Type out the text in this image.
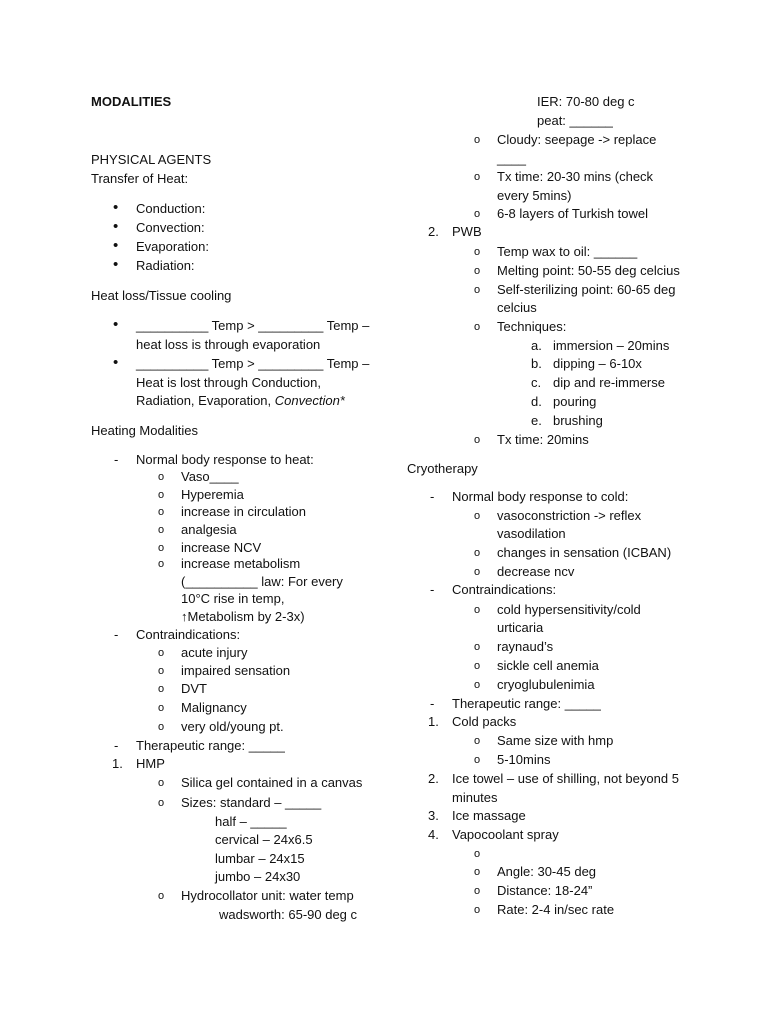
MODALITIES
PHYSICAL AGENTS
Transfer of Heat:
• Conduction:
• Convection:
• Evaporation:
• Radiation:
Heat loss/Tissue cooling
• __________ Temp > _________ Temp –
heat loss is through evaporation
• __________ Temp > _________ Temp –
Heat is lost through Conduction,
Radiation, Evaporation, Convection*
Heating Modalities
- Normal body response to heat:
o Vaso____
o Hyperemia
o increase in circulation
o analgesia
o increase NCV
o increase metabolism
(__________ law: For every
10°C rise in temp,
↑Metabolism by 2-3x)
- Contraindications:
o acute injury
o impaired sensation
o DVT
o Malignancy
o very old/young pt.
- Therapeutic range: _____
1. HMP
o Silica gel contained in a canvas
o Sizes: standard – _____
half – _____
cervical – 24x6.5
lumbar – 24x15
jumbo – 24x30
o Hydrocollator unit: water temp
wadsworth: 65-90 deg c
IER: 70-80 deg c
peat: ______
o Cloudy: seepage -> replace
____
o Tx time: 20-30 mins (check
every 5mins)
o 6-8 layers of Turkish towel
2. PWB
o Temp wax to oil: ______
o Melting point: 50-55 deg celcius
o Self-sterilizing point: 60-65 deg
celcius
o Techniques:
a. immersion – 20mins
b. dipping – 6-10x
c. dip and re-immerse
d. pouring
e. brushing
o Tx time: 20mins
Cryotherapy
- Normal body response to cold:
o vasoconstriction -> reflex
vasodilation
o changes in sensation (ICBAN)
o decrease ncv
- Contraindications:
o cold hypersensitivity/cold
urticaria
o raynaud’s
o sickle cell anemia
o cryoglubulenimia
- Therapeutic range: _____
1. Cold packs
o Same size with hmp
o 5-10mins
2. Ice towel – use of shilling, not beyond 5
minutes
3. Ice massage
4. Vapocoolant spray
o
o Angle: 30-45 deg
o Distance: 18-24”
o Rate: 2-4 in/sec rate
